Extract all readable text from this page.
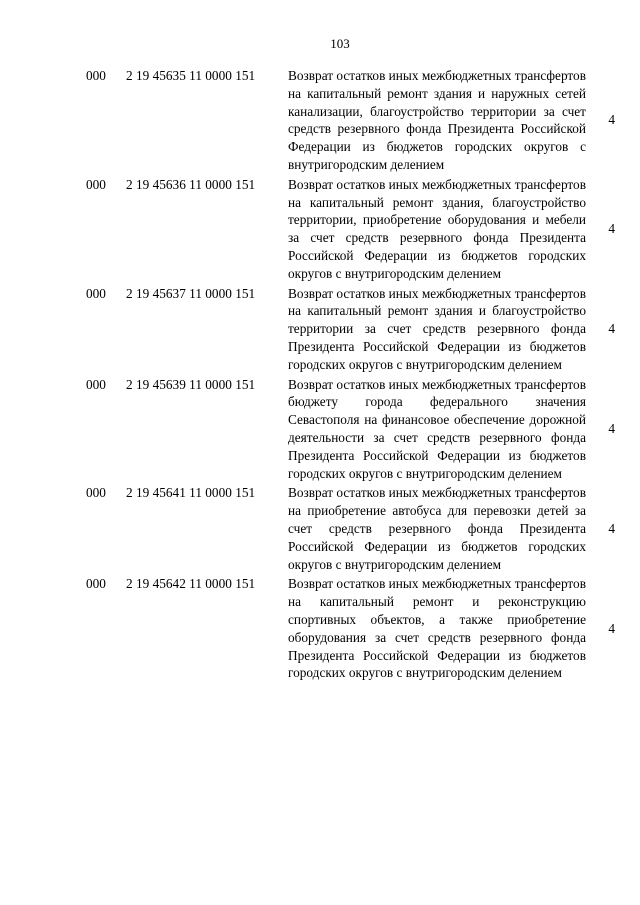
103
000 2 19 45635 11 0000 151 Возврат остатков иных межбюджетных трансфертов на капитальный ремонт здания и наружных сетей канализации, благоустройство территории за счет средств резервного фонда Президента Российской Федерации из бюджетов городских округов с внутригородским делением
4
000 2 19 45636 11 0000 151 Возврат остатков иных межбюджетных трансфертов на капитальный ремонт здания, благоустройство территории, приобретение оборудования и мебели за счет средств резервного фонда Президента Российской Федерации из бюджетов городских округов с внутригородским делением
4
000 2 19 45637 11 0000 151 Возврат остатков иных межбюджетных трансфертов на капитальный ремонт здания и благоустройство территории за счет средств резервного фонда Президента Российской Федерации из бюджетов городских округов с внутригородским делением
4
000 2 19 45639 11 0000 151 Возврат остатков иных межбюджетных трансфертов бюджету города федерального значения Севастополя на финансовое обеспечение дорожной деятельности за счет средств резервного фонда Президента Российской Федерации из бюджетов городских округов с внутригородским делением
4
000 2 19 45641 11 0000 151 Возврат остатков иных межбюджетных трансфертов на приобретение автобуса для перевозки детей за счет средств резервного фонда Президента Российской Федерации из бюджетов городских округов с внутригородским делением
4
000 2 19 45642 11 0000 151 Возврат остатков иных межбюджетных трансфертов на капитальный ремонт и реконструкцию спортивных объектов, а также приобретение оборудования за счет средств резервного фонда Президента Российской Федерации из бюджетов городских округов с внутригородским делением
4
